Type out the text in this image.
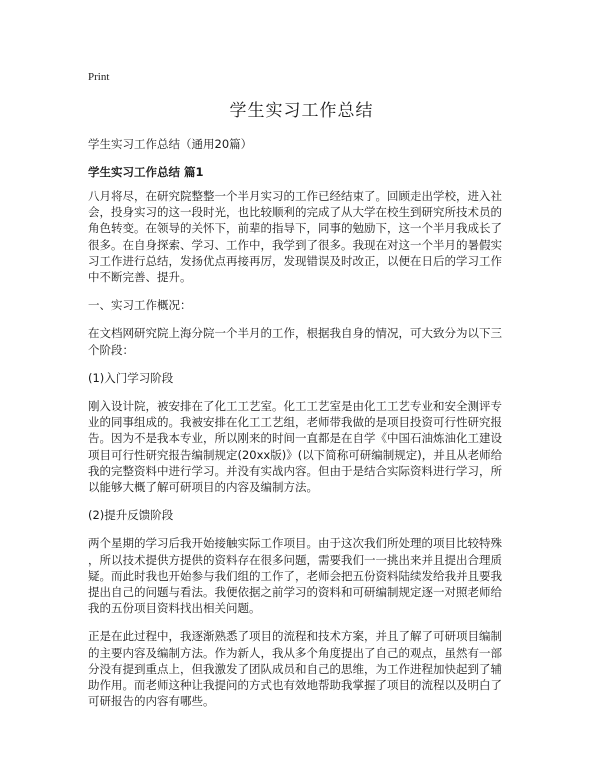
Print
学生实习工作总结
学生实习工作总结（通用20篇）
学生实习工作总结 篇1
八月将尽，在研究院整整一个半月实习的工作已经结束了。回顾走出学校，进入社
会，投身实习的这一段时光，也比较顺利的完成了从大学在校生到研究所技术员的
角色转变。在领导的关怀下，前辈的指导下，同事的勉励下，这一个半月我成长了
很多。在自身探索、学习、工作中，我学到了很多。我现在对这一个半月的暑假实
习工作进行总结，发扬优点再接再厉，发现错误及时改正，以便在日后的学习工作
中不断完善、提升。
一、实习工作概况：
在文档网研究院上海分院一个半月的工作，根据我自身的情况，可大致分为以下三
个阶段：
(1)入门学习阶段
刚入设计院，被安排在了化工工艺室。化工工艺室是由化工工艺专业和安全测评专
业的同事组成的。我被安排在化工工艺组，老师带我做的是项目投资可行性研究报
告。因为不是我本专业，所以刚来的时间一直都是在自学《中国石油炼油化工建设
项目可行性研究报告编制规定(20xx版)》(以下简称可研编制规定)，并且从老师给
我的完整资料中进行学习。并没有实战内容。但由于是结合实际资料进行学习，所
以能够大概了解可研项目的内容及编制方法。
(2)提升反馈阶段
两个星期的学习后我开始接触实际工作项目。由于这次我们所处理的项目比较特殊
，所以技术提供方提供的资料存在很多问题，需要我们一一挑出来并且提出合理质
疑。而此时我也开始参与我们组的工作了，老师会把五份资料陆续发给我并且要我
提出自己的问题与看法。我便依据之前学习的资料和可研编制规定逐一对照老师给
我的五份项目资料找出相关问题。
正是在此过程中，我逐渐熟悉了项目的流程和技术方案，并且了解了可研项目编制
的主要内容及编制方法。作为新人，我从多个角度提出了自己的观点，虽然有一部
分没有提到重点上，但我激发了团队成员和自己的思维，为工作进程加快起到了辅
助作用。而老师这种让我提问的方式也有效地帮助我掌握了项目的流程以及明白了
可研报告的内容有哪些。
